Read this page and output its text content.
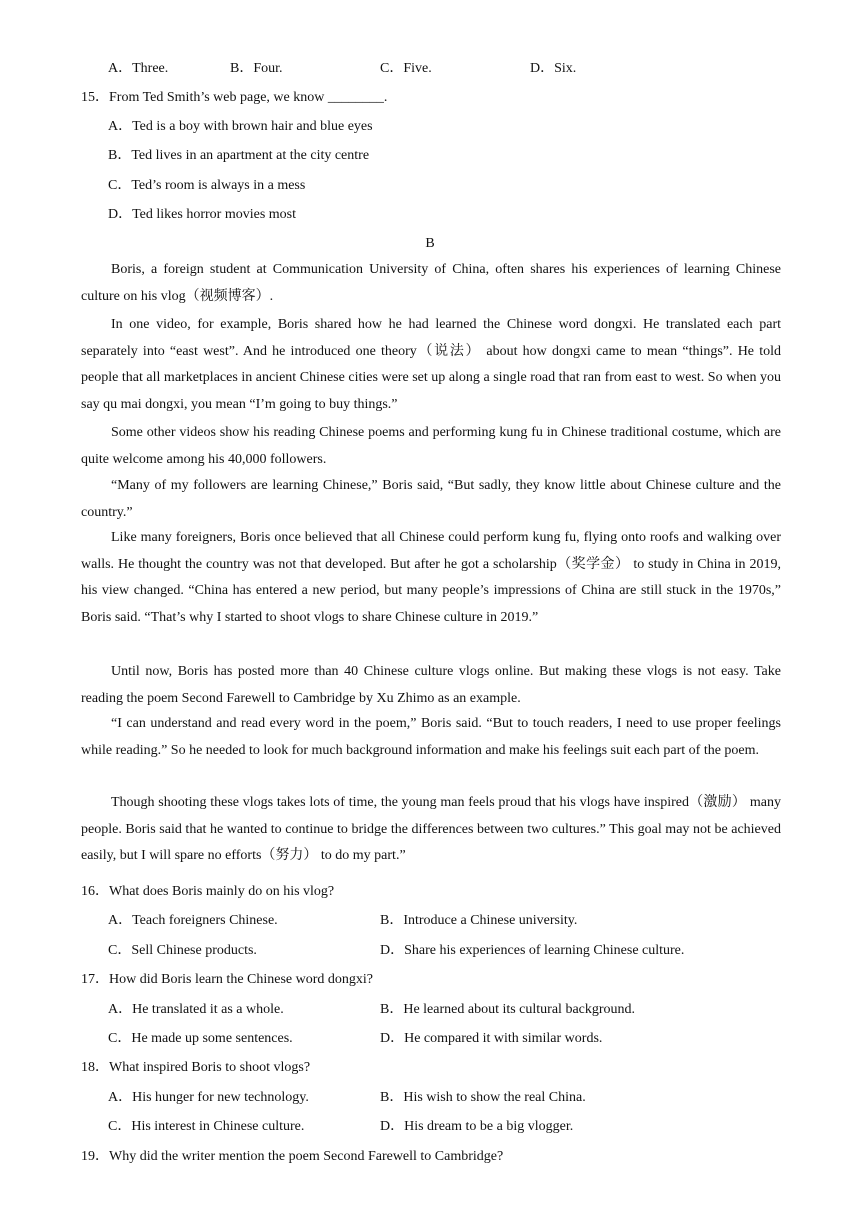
A．Three.	B．Four.	C．Five.	D．Six.
15．From Ted Smith’s web page, we know ________.
A．Ted is a boy with brown hair and blue eyes
B．Ted lives in an apartment at the city centre
C．Ted’s room is always in a mess
D．Ted likes horror movies most
B

Boris, a foreign student at Communication University of China, often shares his experiences of learning Chinese culture on his vlog（视频博客）.

In one video, for example, Boris shared how he had learned the Chinese word dongxi. He translated each part separately into “east west”. And he introduced one theory（说法） about how dongxi came to mean “things”. He told people that all marketplaces in ancient Chinese cities were set up along a single road that ran from east to west. So when you say qu mai dongxi, you mean “I’m going to buy things.”

Some other videos show his reading Chinese poems and performing kung fu in Chinese traditional costume, which are quite welcome among his 40,000 followers.

“Many of my followers are learning Chinese,” Boris said, “But sadly, they know little about Chinese culture and the country.”

Like many foreigners, Boris once believed that all Chinese could perform kung fu, flying onto roofs and walking over walls. He thought the country was not that developed. But after he got a scholarship（奖学金） to study in China in 2019, his view changed. “China has entered a new period, but many people’s impressions of China are still stuck in the 1970s,” Boris said. “That’s why I started to shoot vlogs to share Chinese culture in 2019.”

Until now, Boris has posted more than 40 Chinese culture vlogs online. But making these vlogs is not easy. Take reading the poem Second Farewell to Cambridge by Xu Zhimo as an example.

“I can understand and read every word in the poem,” Boris said. “But to touch readers, I need to use proper feelings while reading.” So he needed to look for much background information and make his feelings suit each part of the poem.

Though shooting these vlogs takes lots of time, the young man feels proud that his vlogs have inspired（激励） many people. Boris said that he wanted to continue to bridge the differences between two cultures.” This goal may not be achieved easily, but I will spare no efforts（努力） to do my part.”

16．What does Boris mainly do on his vlog?
A．Teach foreigners Chinese.	B．Introduce a Chinese university.
C．Sell Chinese products.	D．Share his experiences of learning Chinese culture.
17．How did Boris learn the Chinese word dongxi?
A．He translated it as a whole.	B．He learned about its cultural background.
C．He made up some sentences.	D．He compared it with similar words.
18．What inspired Boris to shoot vlogs?
A．His hunger for new technology.	B．His wish to show the real China.
C．His interest in Chinese culture.	D．His dream to be a big vlogger.
19．Why did the writer mention the poem Second Farewell to Cambridge?
